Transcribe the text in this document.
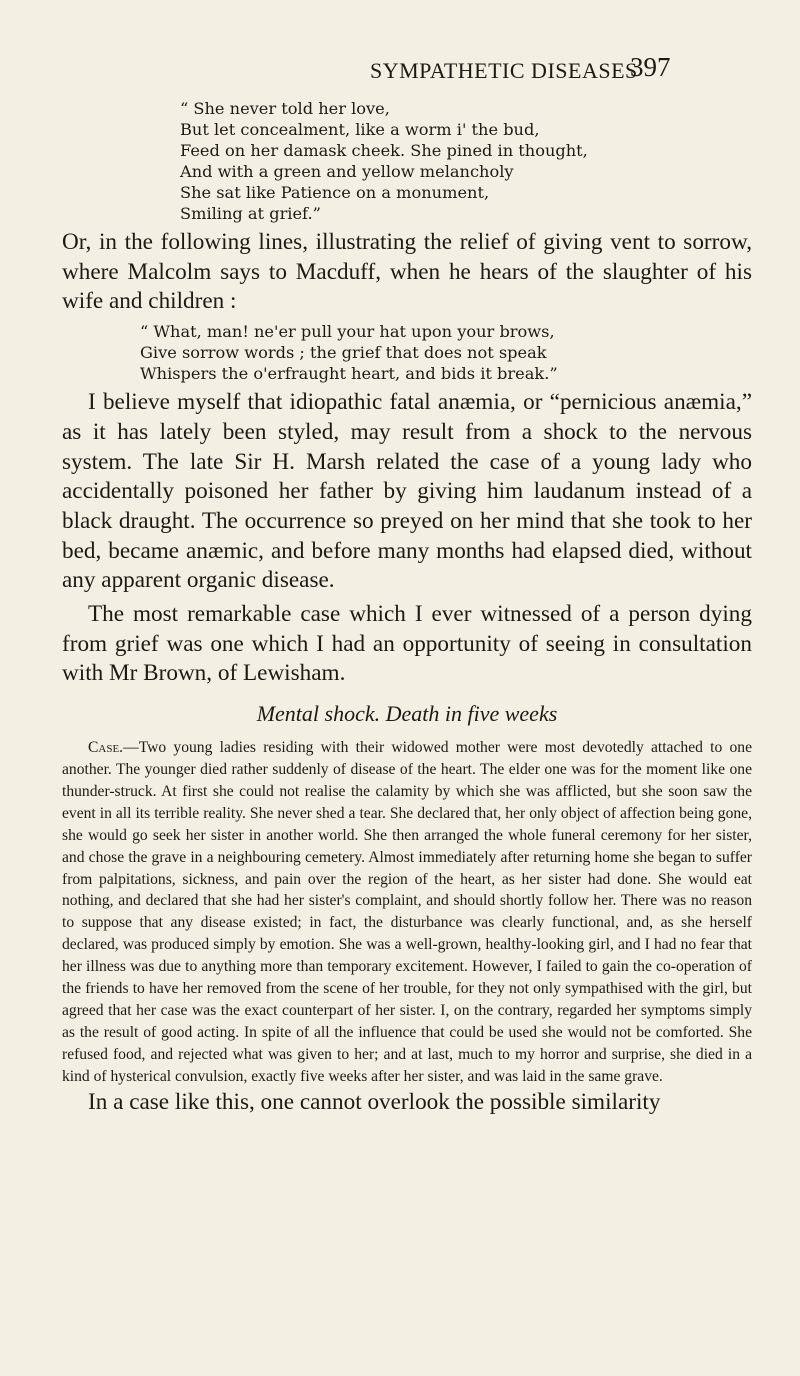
SYMPATHETIC DISEASES
397
“ She never told her love,
But let concealment, like a worm i' the bud,
Feed on her damask cheek. She pined in thought,
And with a green and yellow melancholy
She sat like Patience on a monument,
Smiling at grief.”

Or, in the following lines, illustrating the relief of giving vent to sorrow, where Malcolm says to Macduff, when he hears of the slaughter of his wife and children :

“ What, man! ne'er pull your hat upon your brows,
Give sorrow words ; the grief that does not speak
Whispers the o'erfraught heart, and bids it break.”

I believe myself that idiopathic fatal anæmia, or “pernicious anæmia,” as it has lately been styled, may result from a shock to the nervous system. The late Sir H. Marsh related the case of a young lady who accidentally poisoned her father by giving him laudanum instead of a black draught. The occurrence so preyed on her mind that she took to her bed, became anæmic, and before many months had elapsed died, without any apparent organic disease.

The most remarkable case which I ever witnessed of a person dying from grief was one which I had an opportunity of seeing in consultation with Mr Brown, of Lewisham.

Mental shock. Death in five weeks

Case.—Two young ladies residing with their widowed mother were most devotedly attached to one another. The younger died rather suddenly of disease of the heart. The elder one was for the moment like one thunder-struck. At first she could not realise the calamity by which she was afflicted, but she soon saw the event in all its terrible reality. She never shed a tear. She declared that, her only object of affection being gone, she would go seek her sister in another world. She then arranged the whole funeral ceremony for her sister, and chose the grave in a neighbouring cemetery. Almost immediately after returning home she began to suffer from palpitations, sickness, and pain over the region of the heart, as her sister had done. She would eat nothing, and declared that she had her sister's complaint, and should shortly follow her. There was no reason to suppose that any disease existed; in fact, the disturbance was clearly functional, and, as she herself declared, was produced simply by emotion. She was a well-grown, healthy-looking girl, and I had no fear that her illness was due to anything more than temporary excitement. However, I failed to gain the co-operation of the friends to have her removed from the scene of her trouble, for they not only sympathised with the girl, but agreed that her case was the exact counterpart of her sister. I, on the contrary, regarded her symptoms simply as the result of good acting. In spite of all the influence that could be used she would not be comforted. She refused food, and rejected what was given to her; and at last, much to my horror and surprise, she died in a kind of hysterical convulsion, exactly five weeks after her sister, and was laid in the same grave.

In a case like this, one cannot overlook the possible similarity
